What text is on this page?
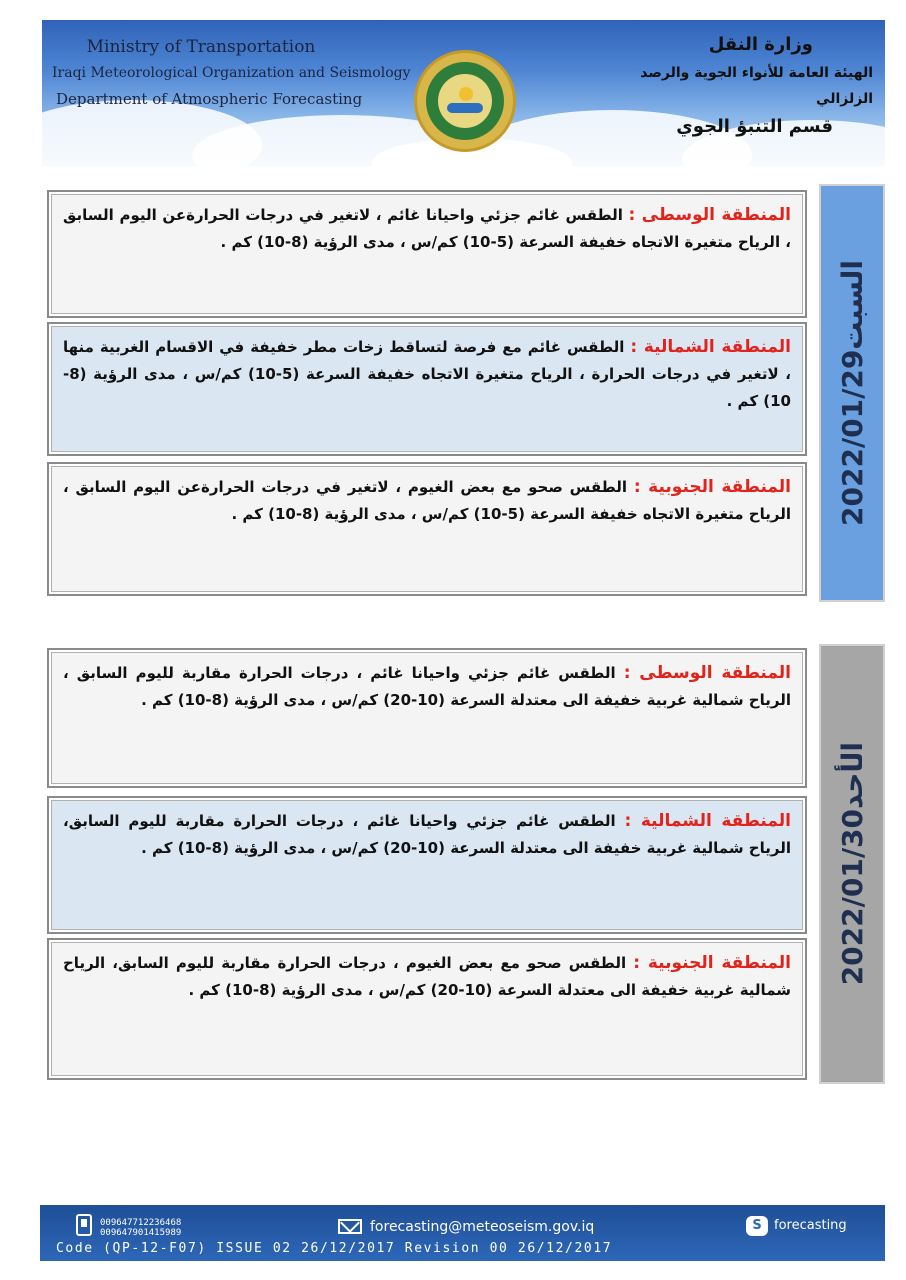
Ministry of Transportation
Iraqi Meteorological Organization and Seismology
Department of Atmospheric Forecasting
وزارة النقل
الهيئة العامة للأنواء الجوية والرصد الزلزالي
قسم التنبؤ الجوي
2022/01/29السبت
المنطقة الوسطى : الطقس غائم جزئي واحيانا غائم ، لاتغير في درجات الحرارةعن اليوم السابق ، الرياح متغيرة الاتجاه خفيفة السرعة (5-10) كم/س ، مدى الرؤية (8-10) كم .
المنطقة الشمالية : الطقس غائم مع فرصة لتساقط زخات مطر خفيفة في الاقسام الغربية منها ، لاتغير في درجات الحرارة ، الرياح متغيرة الاتجاه خفيفة السرعة (5-10) كم/س ، مدى الرؤية (8-10) كم .
المنطقة الجنوبية : الطقس صحو مع بعض الغيوم ، لاتغير في درجات الحرارةعن اليوم السابق ، الرياح متغيرة الاتجاه خفيفة السرعة (5-10) كم/س ، مدى الرؤية (8-10) كم .
2022/01/30الأحد
المنطقة الوسطى : الطقس غائم جزئي واحيانا غائم ، درجات الحرارة مقاربة لليوم السابق ، الرياح شمالية غربية خفيفة الى معتدلة السرعة (10-20) كم/س ، مدى الرؤية (8-10) كم .
المنطقة الشمالية : الطقس غائم جزئي واحيانا غائم ، درجات الحرارة مقاربة لليوم السابق، الرياح شمالية غربية خفيفة الى معتدلة السرعة (10-20) كم/س ، مدى الرؤية (8-10) كم .
المنطقة الجنوبية : الطقس صحو مع بعض الغيوم ، درجات الحرارة مقاربة لليوم السابق، الرياح شمالية غربية خفيفة الى معتدلة السرعة (10-20) كم/س ، مدى الرؤية (8-10) كم .
009647712236468
009647901415989	forecasting@meteoseism.gov.iq	S forecasting
Code (QP-12-F07) ISSUE 02 26/12/2017 Revision 00 26/12/2017
